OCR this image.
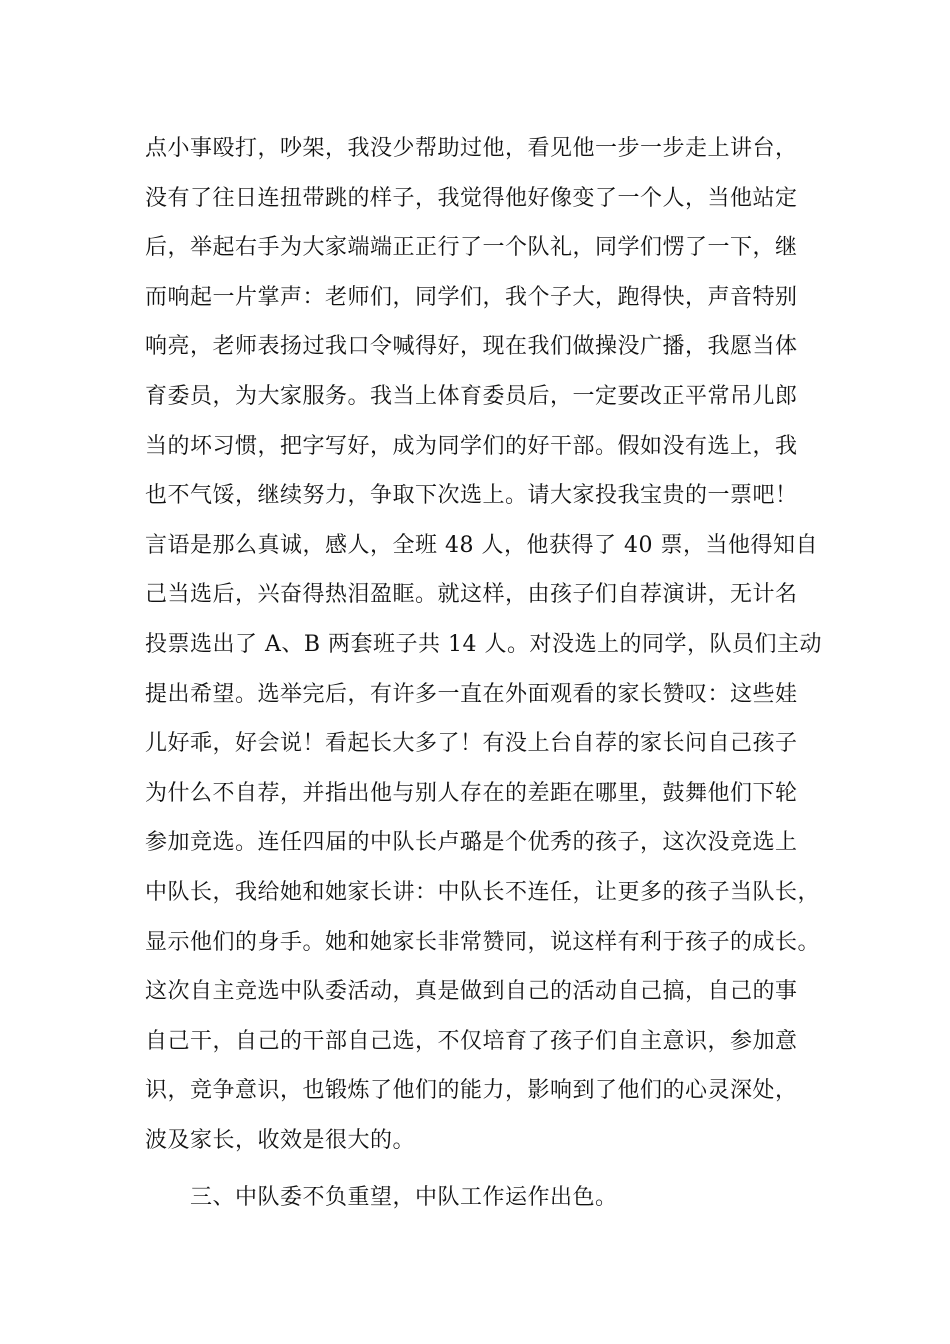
点小事殴打，吵架，我没少帮助过他，看见他一步一步走上讲台，
没有了往日连扭带跳的样子，我觉得他好像变了一个人，当他站定
后，举起右手为大家端端正正行了一个队礼，同学们愣了一下，继
而响起一片掌声：老师们，同学们，我个子大，跑得快，声音特别
响亮，老师表扬过我口令喊得好，现在我们做操没广播，我愿当体
育委员，为大家服务。我当上体育委员后，一定要改正平常吊儿郎
当的坏习惯，把字写好，成为同学们的好干部。假如没有选上，我
也不气馁，继续努力，争取下次选上。请大家投我宝贵的一票吧！
言语是那么真诚，感人，全班 48 人，他获得了 40 票，当他得知自
己当选后，兴奋得热泪盈眶。就这样，由孩子们自荐演讲，无计名
投票选出了 A、B 两套班子共 14 人。对没选上的同学，队员们主动
提出希望。选举完后，有许多一直在外面观看的家长赞叹：这些娃
儿好乖，好会说！看起长大多了！有没上台自荐的家长问自己孩子
为什么不自荐，并指出他与别人存在的差距在哪里，鼓舞他们下轮
参加竞选。连任四届的中队长卢璐是个优秀的孩子，这次没竞选上
中队长，我给她和她家长讲：中队长不连任，让更多的孩子当队长，
显示他们的身手。她和她家长非常赞同，说这样有利于孩子的成长。
这次自主竞选中队委活动，真是做到自己的活动自己搞，自己的事
自己干，自己的干部自己选，不仅培育了孩子们自主意识，参加意
识，竞争意识，也锻炼了他们的能力，影响到了他们的心灵深处，
波及家长，收效是很大的。
三、中队委不负重望，中队工作运作出色。
